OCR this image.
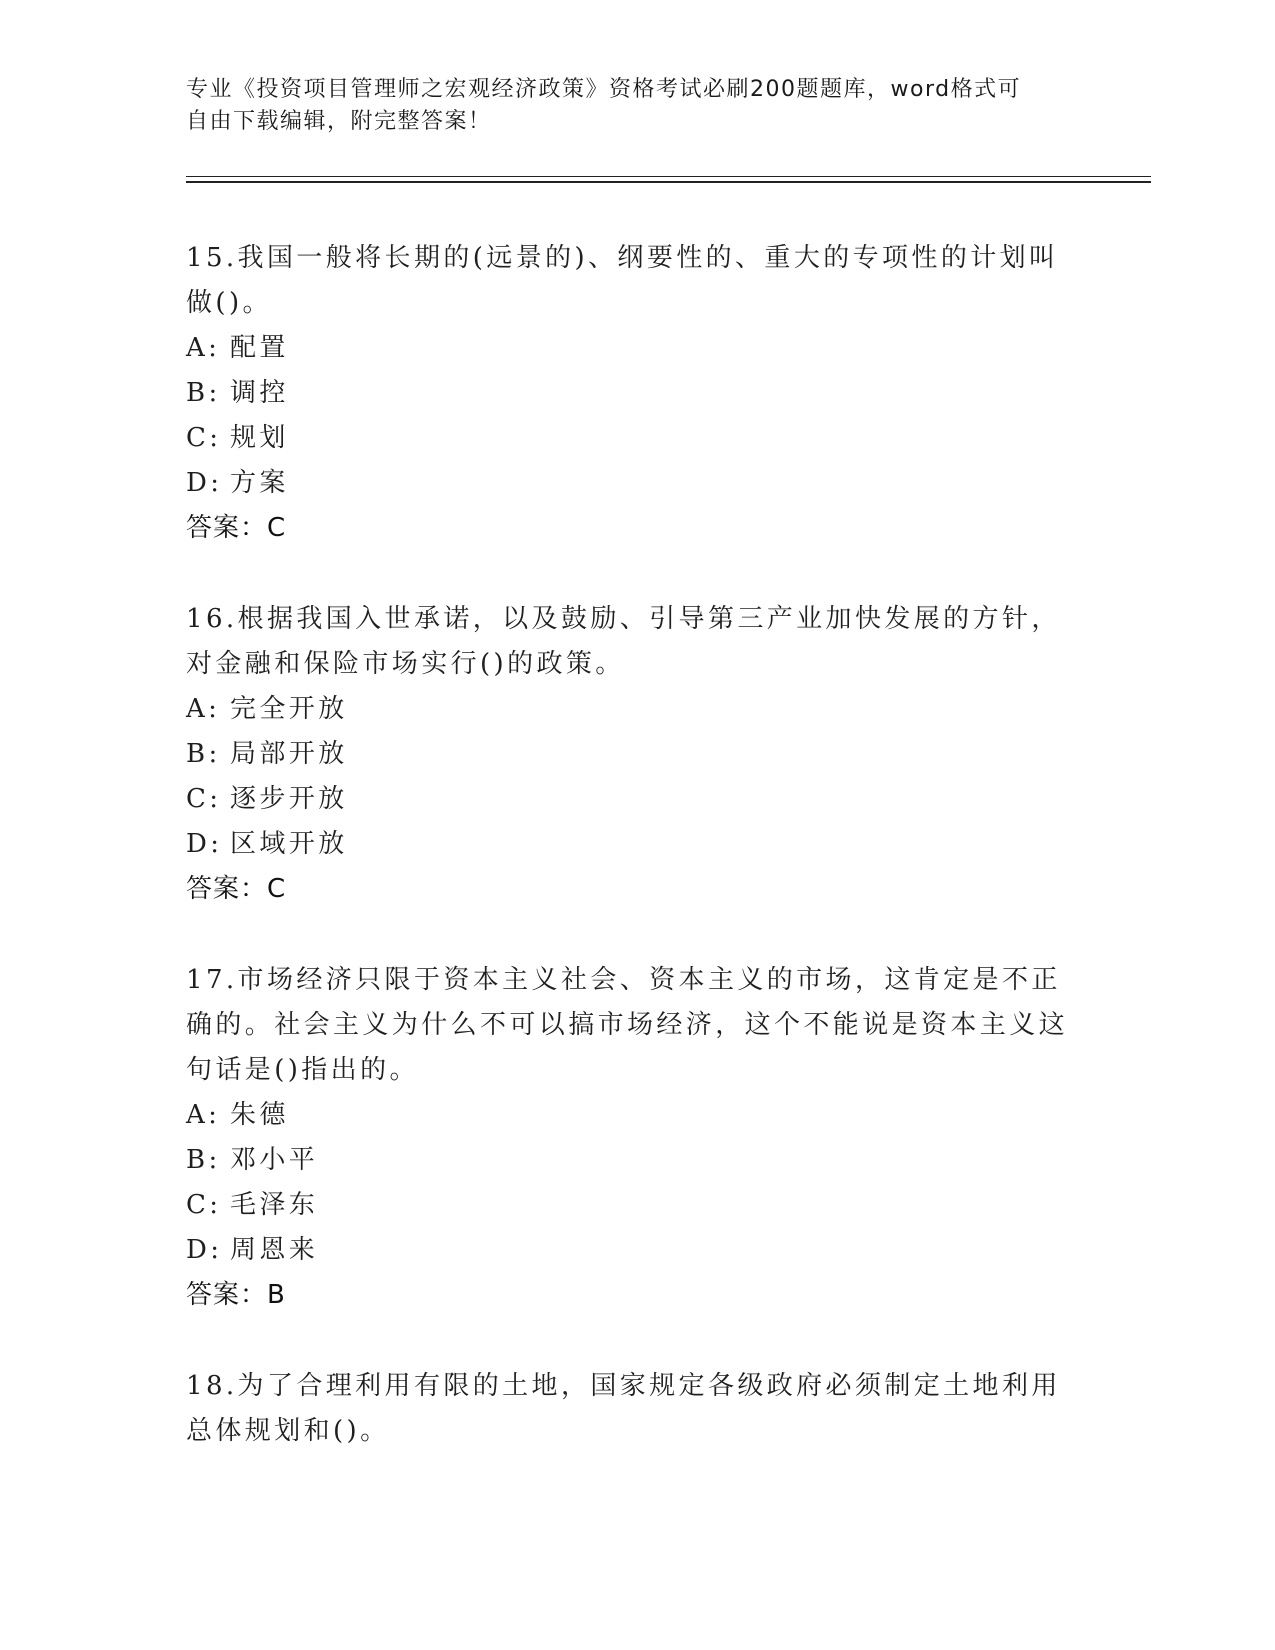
专业《投资项目管理师之宏观经济政策》资格考试必刷200题题库，word格式可
自由下载编辑，附完整答案！
15.我国一般将长期的(远景的)、纲要性的、重大的专项性的计划叫做()。
A: 配置
B: 调控
C: 规划
D: 方案
答案：C
16.根据我国入世承诺，以及鼓励、引导第三产业加快发展的方针，对金融和保险市场实行()的政策。
A: 完全开放
B: 局部开放
C: 逐步开放
D: 区域开放
答案：C
17.市场经济只限于资本主义社会、资本主义的市场，这肯定是不正确的。社会主义为什么不可以搞市场经济，这个不能说是资本主义这句话是()指出的。
A: 朱德
B: 邓小平
C: 毛泽东
D: 周恩来
答案：B
18.为了合理利用有限的土地，国家规定各级政府必须制定土地利用总体规划和()。
